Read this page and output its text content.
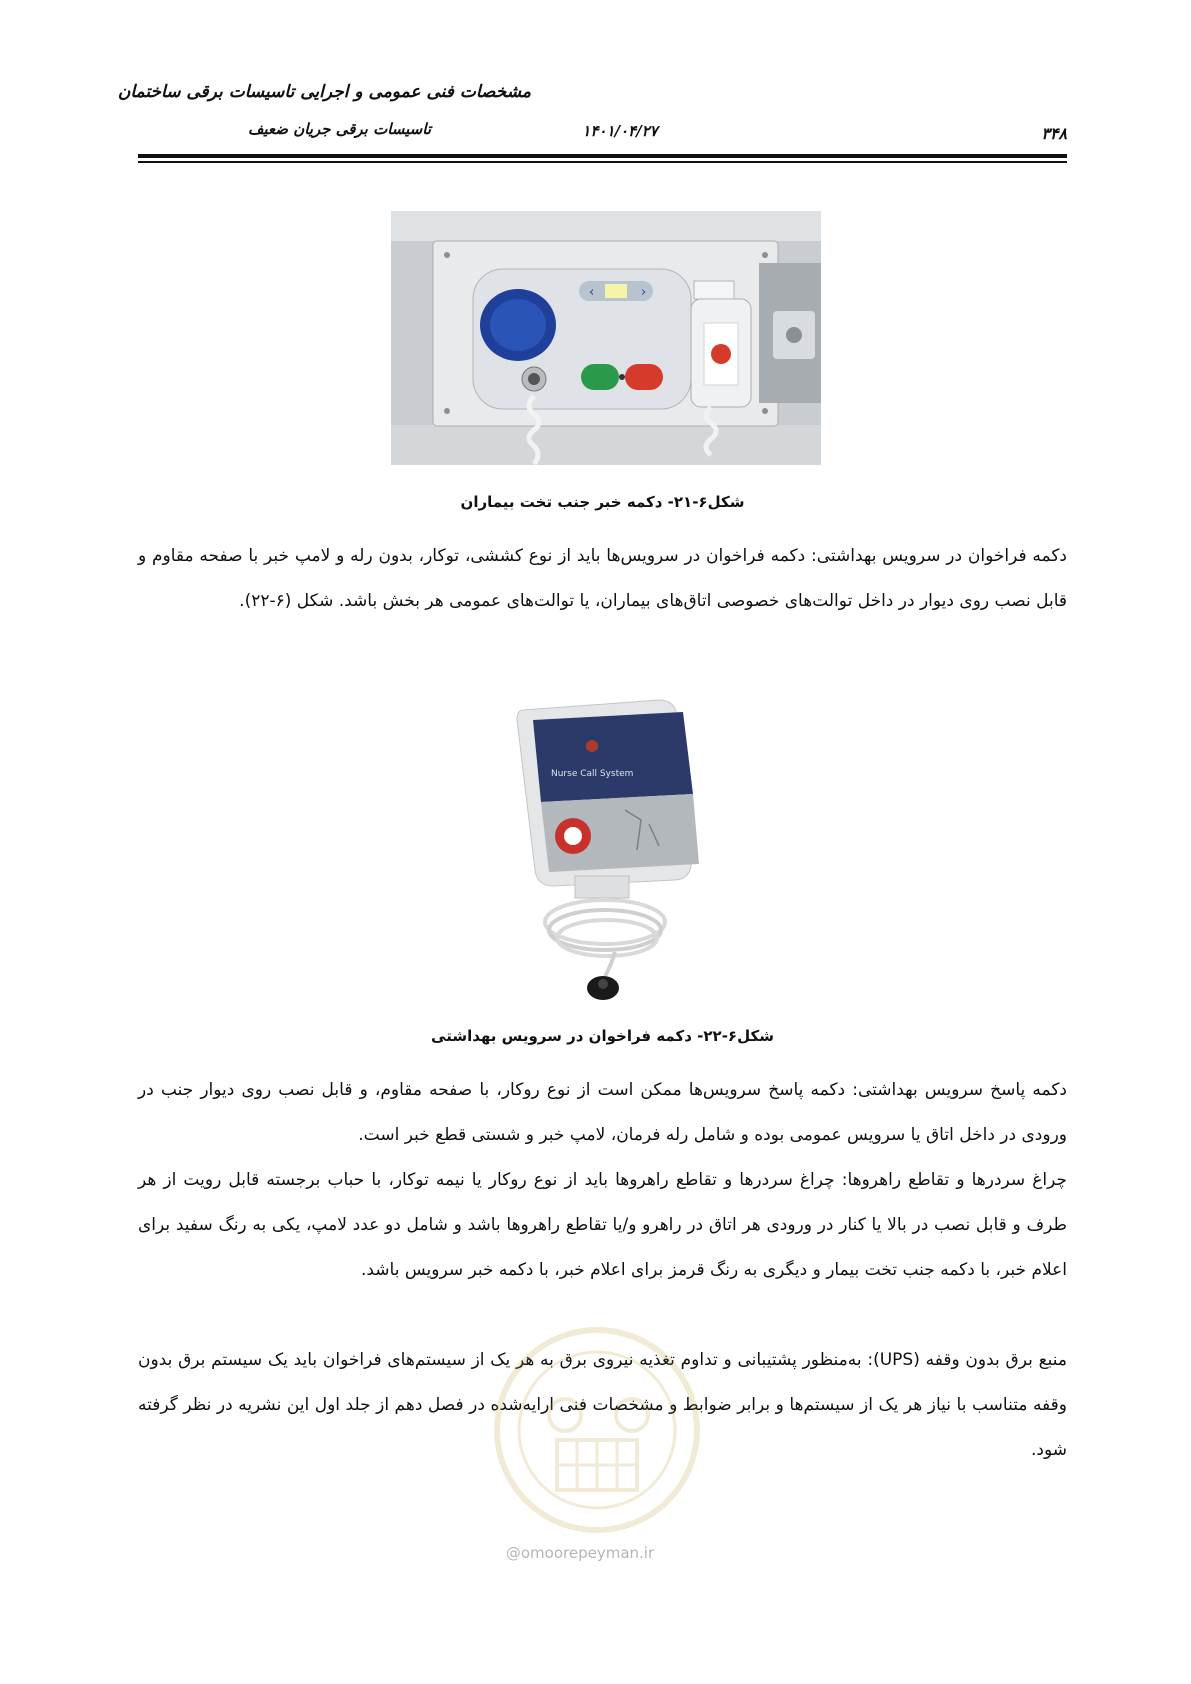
مشخصات فنی عمومی و اجرایی تاسیسات برقی ساختمان
تاسیسات برقی جریان ضعیف	۱۴۰۱/۰۴/۲۷	۳۴۸
‹	›
شکل۶-۲۱- دکمه خبر جنب تخت بیماران
دکمه فراخوان در سرویس بهداشتی: دکمه فراخوان در سرویس‌ها باید از نوع کششی، توکار، بدون رله و لامپ خبر با صفحه مقاوم و قابل نصب روی دیوار در داخل توالت‌های خصوصی اتاق‌های بیماران، یا توالت‌های عمومی هر بخش باشد. شکل (۶-۲۲).
Nurse Call System
شکل۶-۲۲- دکمه فراخوان در سرویس بهداشتی
دکمه پاسخ سرویس بهداشتی: دکمه پاسخ سرویس‌ها ممکن است از نوع روکار، با صفحه مقاوم، و قابل نصب روی دیوار جنب در ورودی در داخل اتاق یا سرویس عمومی بوده و شامل رله فرمان، لامپ خبر و شستی قطع خبر است.
چراغ سردرها و تقاطع راهروها: چراغ سردرها و تقاطع راهروها باید از نوع روکار یا نیمه توکار، با حباب برجسته قابل رویت از هر طرف و قابل نصب در بالا یا کنار در ورودی هر اتاق در راهرو و/یا تقاطع راهروها باشد و شامل دو عدد لامپ، یکی به رنگ سفید برای اعلام خبر، با دکمه جنب تخت بیمار و دیگری به رنگ قرمز برای اعلام خبر، با دکمه خبر سرویس باشد.
منبع برق بدون وقفه (UPS): به‌منظور پشتیبانی و تداوم تغذیه نیروی برق به هر یک از سیستم‌های فراخوان باید یک سیستم برق بدون وقفه متناسب با نیاز هر یک از سیستم‌ها و برابر ضوابط و مشخصات فنی ارایه‌شده در فصل دهم از جلد اول این نشریه در نظر گرفته شود.
@omoorepeyman.ir
